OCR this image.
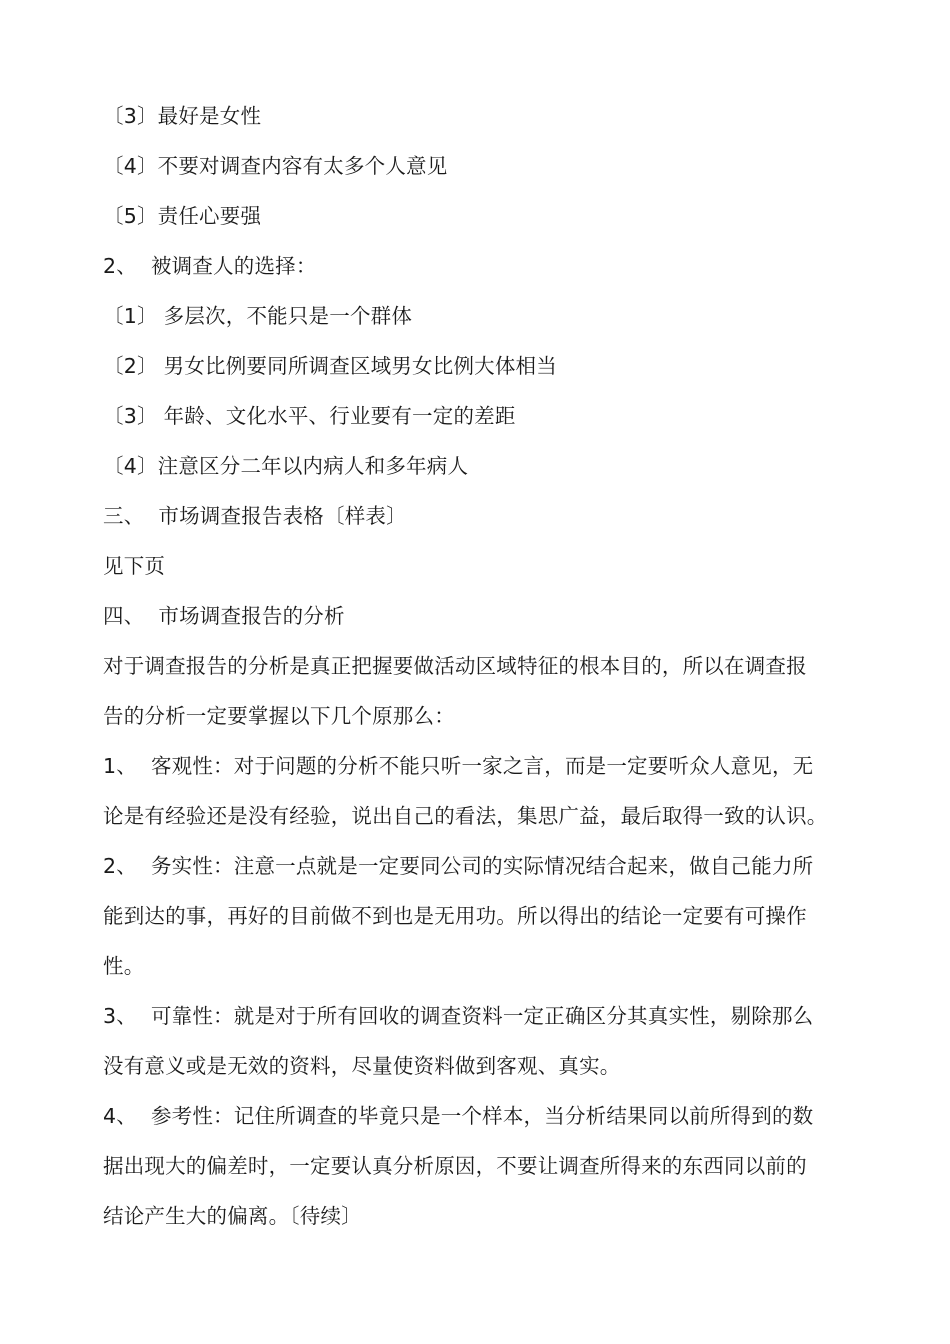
〔3〕最好是女性
〔4〕不要对调查内容有太多个人意见
〔5〕责任心要强
2、 被调查人的选择：
〔1〕 多层次，不能只是一个群体
〔2〕 男女比例要同所调查区域男女比例大体相当
〔3〕 年龄、文化水平、行业要有一定的差距
〔4〕注意区分二年以内病人和多年病人
三、 市场调查报告表格〔样表〕
见下页
四、 市场调查报告的分析
对于调查报告的分析是真正把握要做活动区域特征的根本目的，所以在调查报
告的分析一定要掌握以下几个原那么：
1、 客观性：对于问题的分析不能只听一家之言，而是一定要听众人意见，无
论是有经验还是没有经验，说出自己的看法，集思广益，最后取得一致的认识。
2、 务实性：注意一点就是一定要同公司的实际情况结合起来，做自己能力所
能到达的事，再好的目前做不到也是无用功。所以得出的结论一定要有可操作
性。
3、 可靠性：就是对于所有回收的调查资料一定正确区分其真实性，剔除那么
没有意义或是无效的资料，尽量使资料做到客观、真实。
4、 参考性：记住所调查的毕竟只是一个样本，当分析结果同以前所得到的数
据出现大的偏差时，一定要认真分析原因，不要让调查所得来的东西同以前的
结论产生大的偏离。〔待续〕
